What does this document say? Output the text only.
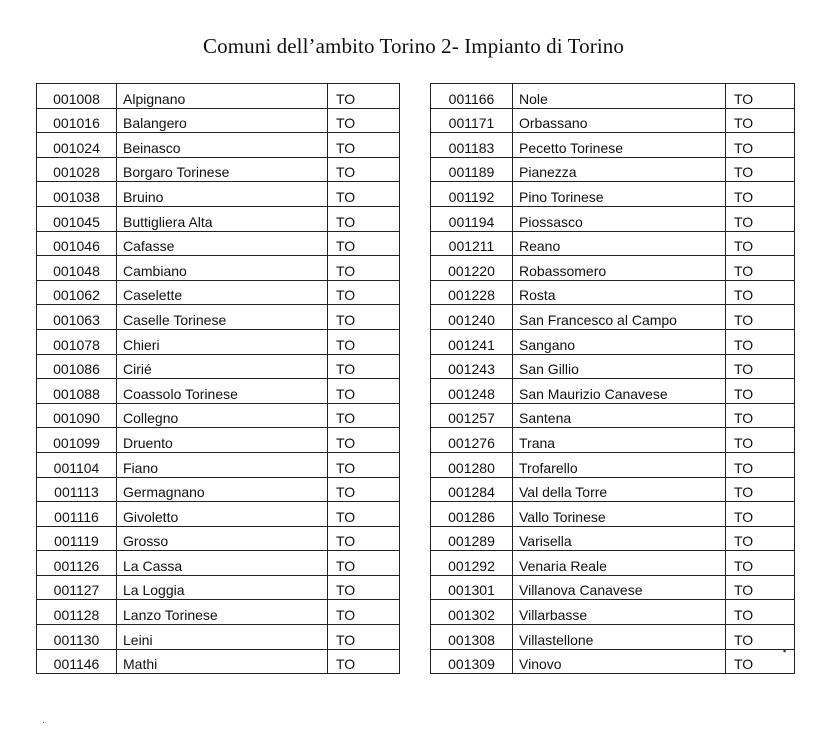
Comuni dell’ambito Torino 2- Impianto di Torino
001008	Alpignano	TO
001016	Balangero	TO
001024	Beinasco	TO
001028	Borgaro Torinese	TO
001038	Bruino	TO
001045	Buttigliera Alta	TO
001046	Cafasse	TO
001048	Cambiano	TO
001062	Caselette	TO
001063	Caselle Torinese	TO
001078	Chieri	TO
001086	Cirié	TO
001088	Coassolo Torinese	TO
001090	Collegno	TO
001099	Druento	TO
001104	Fiano	TO
001113	Germagnano	TO
001116	Givoletto	TO
001119	Grosso	TO
001126	La Cassa	TO
001127	La Loggia	TO
001128	Lanzo Torinese	TO
001130	Leini	TO
001146	Mathi	TO
001166	Nole	TO
001171	Orbassano	TO
001183	Pecetto Torinese	TO
001189	Pianezza	TO
001192	Pino Torinese	TO
001194	Piossasco	TO
001211	Reano	TO
001220	Robassomero	TO
001228	Rosta	TO
001240	San Francesco al Campo	TO
001241	Sangano	TO
001243	San Gillio	TO
001248	San Maurizio Canavese	TO
001257	Santena	TO
001276	Trana	TO
001280	Trofarello	TO
001284	Val della Torre	TO
001286	Vallo Torinese	TO
001289	Varisella	TO
001292	Venaria Reale	TO
001301	Villanova Canavese	TO
001302	Villarbasse	TO
001308	Villastellone	TO
001309	Vinovo	TO
▪
·
